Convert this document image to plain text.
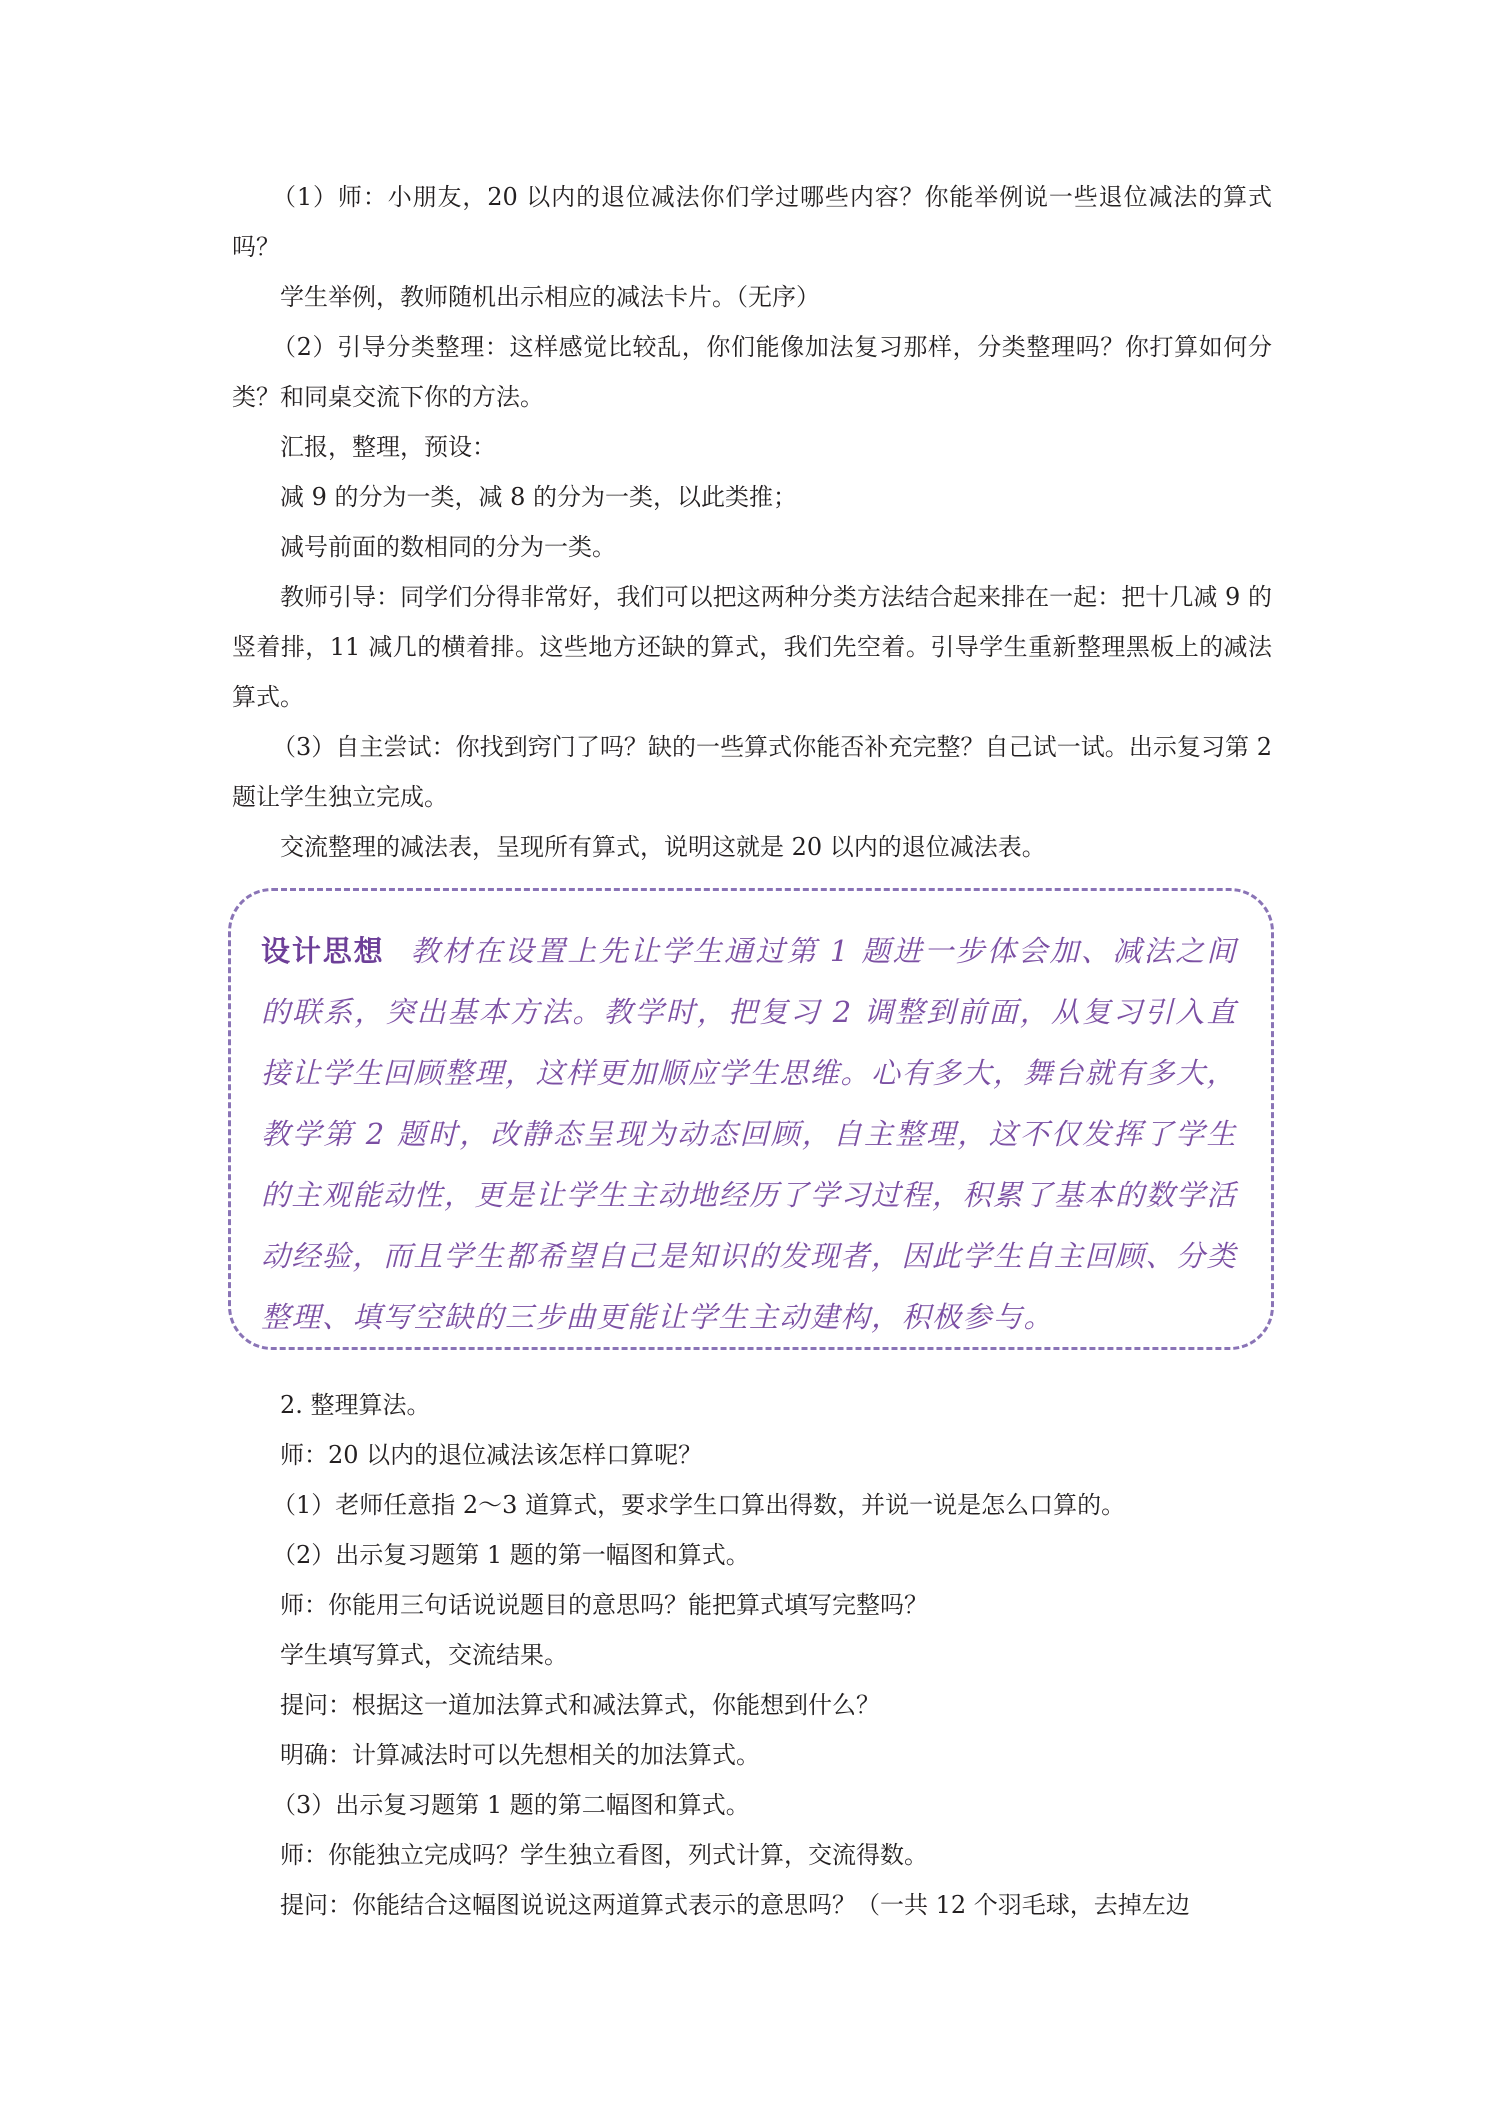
（1）师：小朋友，20 以内的退位减法你们学过哪些内容？你能举例说一些退位减法的算式吗？

学生举例，教师随机出示相应的减法卡片。（无序）

（2）引导分类整理：这样感觉比较乱，你们能像加法复习那样，分类整理吗？你打算如何分类？和同桌交流下你的方法。

汇报，整理，预设：

减 9 的分为一类，减 8 的分为一类，以此类推；

减号前面的数相同的分为一类。

教师引导：同学们分得非常好，我们可以把这两种分类方法结合起来排在一起：把十几减 9 的竖着排，11 减几的横着排。这些地方还缺的算式，我们先空着。引导学生重新整理黑板上的减法算式。

（3）自主尝试：你找到窍门了吗？缺的一些算式你能否补充完整？自己试一试。出示复习第 2 题让学生独立完成。

交流整理的减法表，呈现所有算式，说明这就是 20 以内的退位减法表。

设计思想 教材在设置上先让学生通过第 1 题进一步体会加、减法之间的联系，突出基本方法。教学时，把复习 2 调整到前面，从复习引入直接让学生回顾整理，这样更加顺应学生思维。心有多大，舞台就有多大，教学第 2 题时，改静态呈现为动态回顾，自主整理，这不仅发挥了学生的主观能动性，更是让学生主动地经历了学习过程，积累了基本的数学活动经验，而且学生都希望自己是知识的发现者，因此学生自主回顾、分类整理、填写空缺的三步曲更能让学生主动建构，积极参与。

2. 整理算法。

师：20 以内的退位减法该怎样口算呢？

（1）老师任意指 2～3 道算式，要求学生口算出得数，并说一说是怎么口算的。

（2）出示复习题第 1 题的第一幅图和算式。

师：你能用三句话说说题目的意思吗？能把算式填写完整吗？

学生填写算式，交流结果。

提问：根据这一道加法算式和减法算式，你能想到什么？

明确：计算减法时可以先想相关的加法算式。

（3）出示复习题第 1 题的第二幅图和算式。

师：你能独立完成吗？学生独立看图，列式计算，交流得数。

提问：你能结合这幅图说说这两道算式表示的意思吗？（一共 12 个羽毛球，去掉左边
